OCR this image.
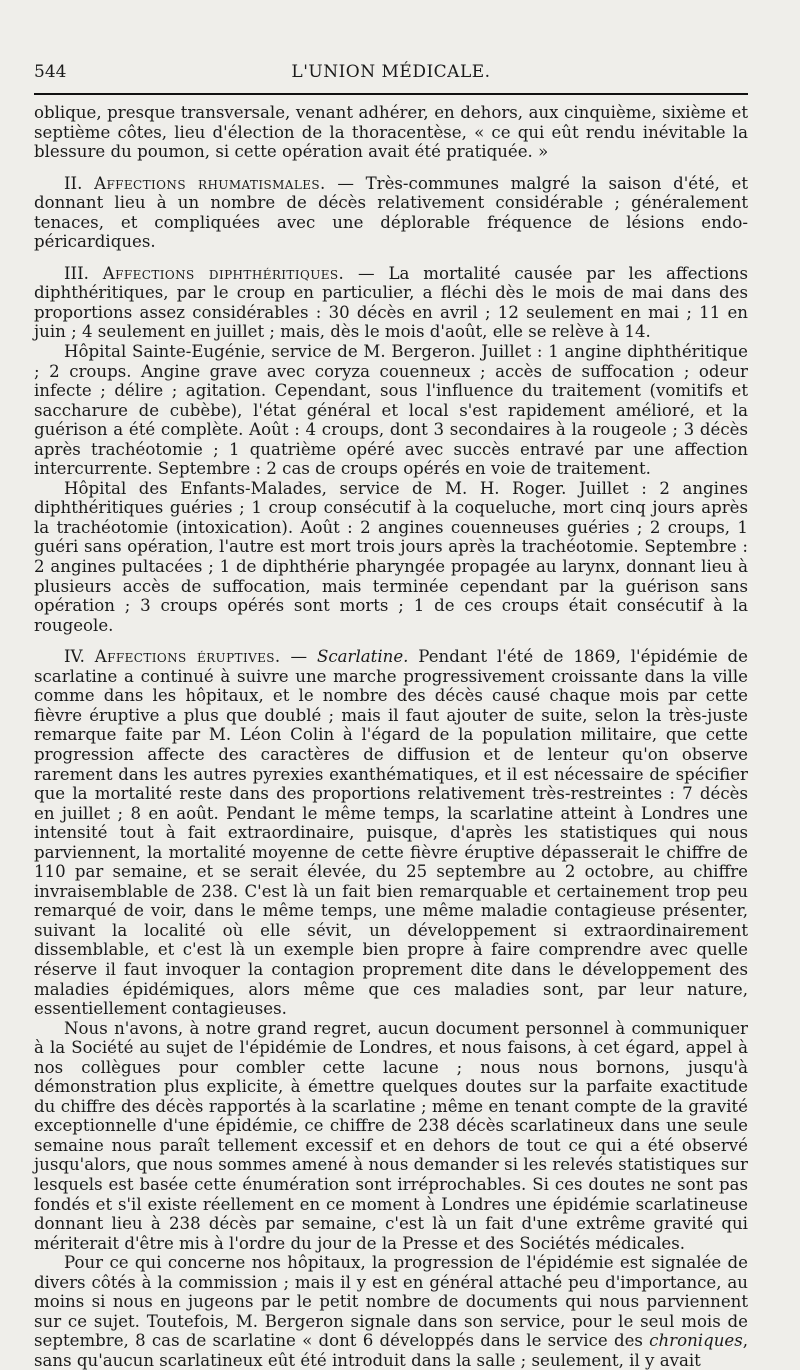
544	L'UNION MÉDICALE.

oblique, presque transversale, venant adhérer, en dehors, aux cinquième, sixième et septième côtes, lieu d'élection de la thoracentèse, « ce qui eût rendu inévitable la blessure du poumon, si cette opération avait été pratiquée. »

II. Affections rhumatismales. — Très-communes malgré la saison d'été, et donnant lieu à un nombre de décès relativement considérable ; généralement tenaces, et compliquées avec une déplorable fréquence de lésions endo-péricardiques.

III. Affections diphthéritiques. — La mortalité causée par les affections diphthéritiques, par le croup en particulier, a fléchi dès le mois de mai dans des proportions assez considérables : 30 décès en avril ; 12 seulement en mai ; 11 en juin ; 4 seulement en juillet ; mais, dès le mois d'août, elle se relève à 14.

Hôpital Sainte-Eugénie, service de M. Bergeron. Juillet : 1 angine diphthéritique ; 2 croups. Angine grave avec coryza couenneux ; accès de suffocation ; odeur infecte ; délire ; agitation. Cependant, sous l'influence du traitement (vomitifs et saccharure de cubèbe), l'état général et local s'est rapidement amélioré, et la guérison a été complète. Août : 4 croups, dont 3 secondaires à la rougeole ; 3 décès après trachéotomie ; 1 quatrième opéré avec succès entravé par une affection intercurrente. Septembre : 2 cas de croups opérés en voie de traitement.

Hôpital des Enfants-Malades, service de M. H. Roger. Juillet : 2 angines diphthéritiques guéries ; 1 croup consécutif à la coqueluche, mort cinq jours après la trachéotomie (intoxication). Août : 2 angines couenneuses guéries ; 2 croups, 1 guéri sans opération, l'autre est mort trois jours après la trachéotomie. Septembre : 2 angines pultacées ; 1 de diphthérie pharyngée propagée au larynx, donnant lieu à plusieurs accès de suffocation, mais terminée cependant par la guérison sans opération ; 3 croups opérés sont morts ; 1 de ces croups était consécutif à la rougeole.

IV. Affections éruptives. — Scarlatine. Pendant l'été de 1869, l'épidémie de scarlatine a continué à suivre une marche progressivement croissante dans la ville comme dans les hôpitaux, et le nombre des décès causé chaque mois par cette fièvre éruptive a plus que doublé ; mais il faut ajouter de suite, selon la très-juste remarque faite par M. Léon Colin à l'égard de la population militaire, que cette progression affecte des caractères de diffusion et de lenteur qu'on observe rarement dans les autres pyrexies exanthématiques, et il est nécessaire de spécifier que la mortalité reste dans des proportions relativement très-restreintes : 7 décès en juillet ; 8 en août. Pendant le même temps, la scarlatine atteint à Londres une intensité tout à fait extraordinaire, puisque, d'après les statistiques qui nous parviennent, la mortalité moyenne de cette fièvre éruptive dépasserait le chiffre de 110 par semaine, et se serait élevée, du 25 septembre au 2 octobre, au chiffre invraisemblable de 238. C'est là un fait bien remarquable et certainement trop peu remarqué de voir, dans le même temps, une même maladie contagieuse présenter, suivant la localité où elle sévit, un développement si extraordinairement dissemblable, et c'est là un exemple bien propre à faire comprendre avec quelle réserve il faut invoquer la contagion proprement dite dans le développement des maladies épidémiques, alors même que ces maladies sont, par leur nature, essentiellement contagieuses.

Nous n'avons, à notre grand regret, aucun document personnel à communiquer à la Société au sujet de l'épidémie de Londres, et nous faisons, à cet égard, appel à nos collègues pour combler cette lacune ; nous nous bornons, jusqu'à démonstration plus explicite, à émettre quelques doutes sur la parfaite exactitude du chiffre des décès rapportés à la scarlatine ; même en tenant compte de la gravité exceptionnelle d'une épidémie, ce chiffre de 238 décès scarlatineux dans une seule semaine nous paraît tellement excessif et en dehors de tout ce qui a été observé jusqu'alors, que nous sommes amené à nous demander si les relevés statistiques sur lesquels est basée cette énumération sont irréprochables. Si ces doutes ne sont pas fondés et s'il existe réellement en ce moment à Londres une épidémie scarlatineuse donnant lieu à 238 décès par semaine, c'est là un fait d'une extrême gravité qui mériterait d'être mis à l'ordre du jour de la Presse et des Sociétés médicales.

Pour ce qui concerne nos hôpitaux, la progression de l'épidémie est signalée de divers côtés à la commission ; mais il y est en général attaché peu d'importance, au moins si nous en jugeons par le petit nombre de documents qui nous parviennent sur ce sujet. Toutefois, M. Bergeron signale dans son service, pour le seul mois de septembre, 8 cas de scarlatine « dont 6 développés dans le service des chroniques, sans qu'aucun scarlatineux eût été introduit dans la salle ; seulement, il y avait
